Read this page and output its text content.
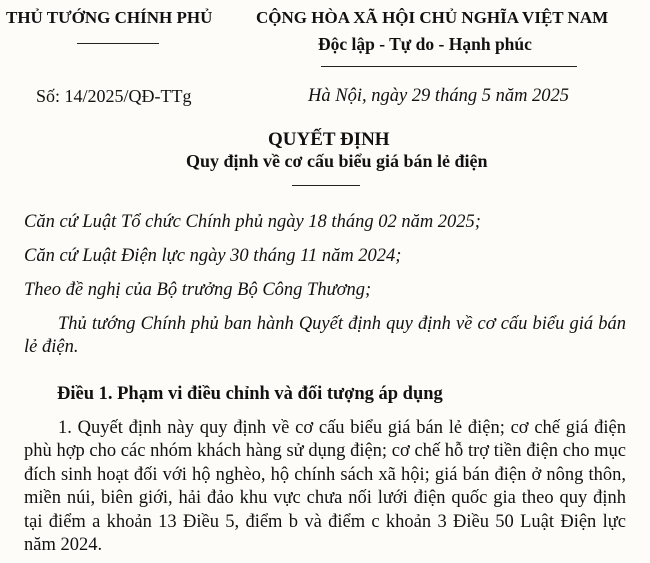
THỦ TƯỚNG CHÍNH PHỦ	CỘNG HÒA XÃ HỘI CHỦ NGHĨA VIỆT NAM
Độc lập - Tự do - Hạnh phúc
Số: 14/2025/QĐ-TTg	Hà Nội, ngày 29 tháng 5 năm 2025
QUYẾT ĐỊNH
Quy định về cơ cấu biểu giá bán lẻ điện
Căn cứ Luật Tổ chức Chính phủ ngày 18 tháng 02 năm 2025;
Căn cứ Luật Điện lực ngày 30 tháng 11 năm 2024;
Theo đề nghị của Bộ trưởng Bộ Công Thương;
Thủ tướng Chính phủ ban hành Quyết định quy định về cơ cấu biểu giá bán lẻ điện.
Điều 1. Phạm vi điều chỉnh và đối tượng áp dụng
1. Quyết định này quy định về cơ cấu biểu giá bán lẻ điện; cơ chế giá điện phù hợp cho các nhóm khách hàng sử dụng điện; cơ chế hỗ trợ tiền điện cho mục đích sinh hoạt đối với hộ nghèo, hộ chính sách xã hội; giá bán điện ở nông thôn, miền núi, biên giới, hải đảo khu vực chưa nối lưới điện quốc gia theo quy định tại điểm a khoản 13 Điều 5, điểm b và điểm c khoản 3 Điều 50 Luật Điện lực năm 2024.
